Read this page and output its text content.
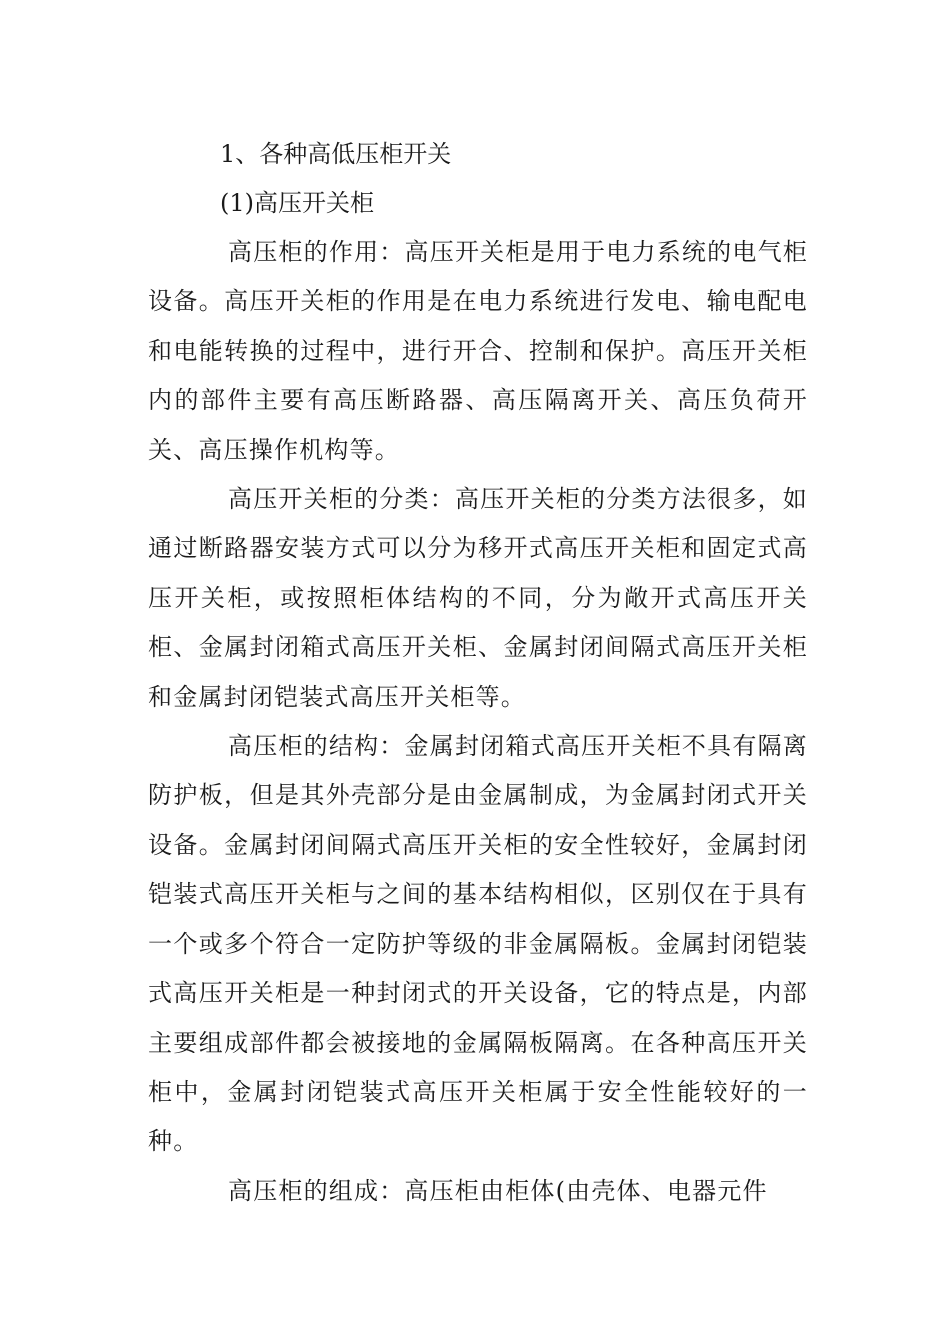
1、各种高低压柜开关

(1)高压开关柜

高压柜的作用：高压开关柜是用于电力系统的电气柜设备。高压开关柜的作用是在电力系统进行发电、输电配电和电能转换的过程中，进行开合、控制和保护。高压开关柜内的部件主要有高压断路器、高压隔离开关、高压负荷开关、高压操作机构等。

高压开关柜的分类：高压开关柜的分类方法很多，如通过断路器安装方式可以分为移开式高压开关柜和固定式高压开关柜，或按照柜体结构的不同，分为敞开式高压开关柜、金属封闭箱式高压开关柜、金属封闭间隔式高压开关柜和金属封闭铠装式高压开关柜等。

高压柜的结构：金属封闭箱式高压开关柜不具有隔离防护板，但是其外壳部分是由金属制成，为金属封闭式开关设备。金属封闭间隔式高压开关柜的安全性较好，金属封闭铠装式高压开关柜与之间的基本结构相似，区别仅在于具有一个或多个符合一定防护等级的非金属隔板。金属封闭铠装式高压开关柜是一种封闭式的开关设备，它的特点是，内部主要组成部件都会被接地的金属隔板隔离。在各种高压开关柜中，金属封闭铠装式高压开关柜属于安全性能较好的一种。

高压柜的组成：高压柜由柜体(由壳体、电器元件
